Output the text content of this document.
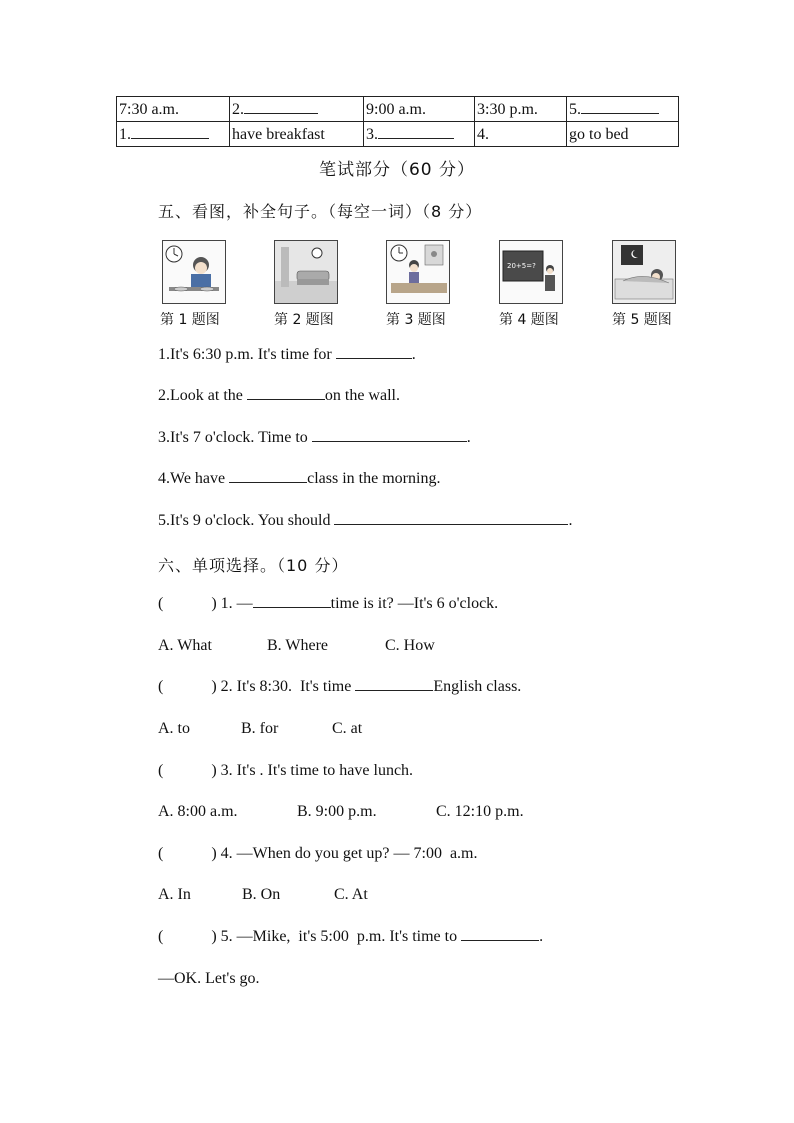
7:30 a.m.	2.	9:00 a.m.	3:30 p.m.	5.
1.	have breakfast	3.	4.	go to bed
笔试部分（60 分）
五、看图，补全句子。（每空一词）（8 分）
20+5=?
第 1 题图	第 2 题图	第 3 题图	第 4 题图	第 5 题图
1.It's 6:30 p.m. It's time for	.
2.Look at the	on the wall.
3.It's 7 o'clock. Time to	.
4.We have	class in the morning.
5.It's 9 o'clock. You should	.
六、单项选择。（10 分）
(            ) 1. —	time is it? —It's 6 o'clock.
A. What	B. Where	C. How
(            ) 2. It's 8:30.  It's time	English class.
A. to	B. for	C. at
(            ) 3. It's . It's time to have lunch.
A. 8:00 a.m.	B. 9:00 p.m.	C. 12:10 p.m.
(            ) 4. —When do you get up? — 7:00  a.m.
A. In	B. On	C. At
(            ) 5. —Mike,  it's 5:00  p.m. It's time to	.
—OK. Let's go.
